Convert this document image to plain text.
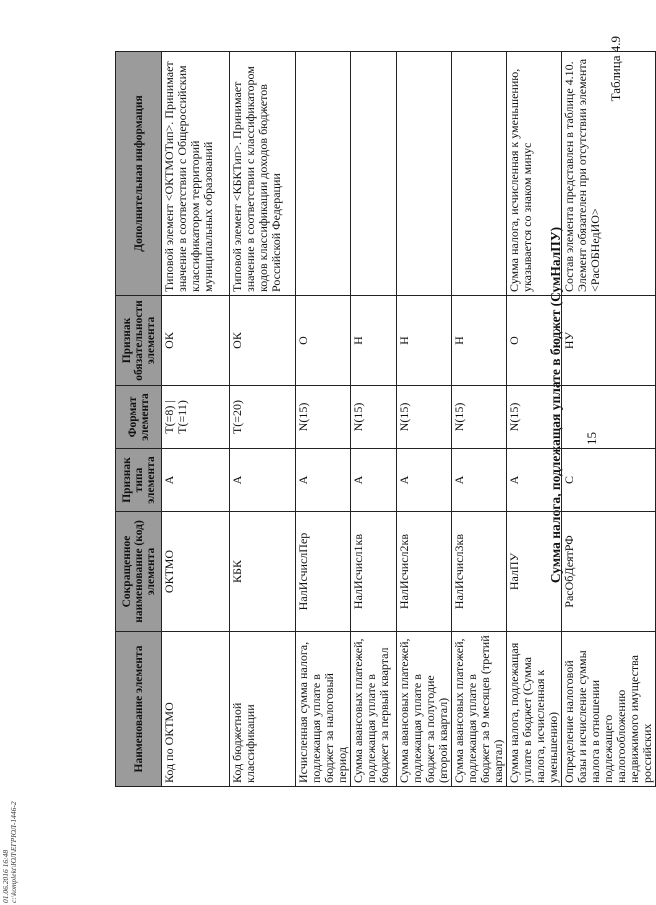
15
Таблица 4.9
Сумма налога, подлежащая уплате в бюджет (СумНалПУ)
Наименование элемента	Сокращенное наименование (код) элемента	Признак типа элемента	Формат элемента	Признак обязательности элемента	Дополнительная информация
Код по ОКТМО	ОКТМО	А	T(=8) | T(=11)	ОК	Типовой элемент <ОКТМОТип>. Принимает значение в соответствии с Общероссийским классификатором территорий муниципальных образований
Код бюджетной классификации	КБК	А	T(=20)	ОК	Типовой элемент <КБКТип>. Принимает значение в соответствии с классификатором кодов классификации доходов бюджетов Российской Федерации
Исчисленная сумма налога, подлежащая уплате в бюджет за налоговый период	НалИсчислПер	А	N(15)	О	
Сумма авансовых платежей, подлежащая уплате в бюджет за первый квартал	НалИсчисл1кв	А	N(15)	Н	
Сумма авансовых платежей, подлежащая уплате в бюджет за полугодие (второй квартал)	НалИсчисл2кв	А	N(15)	Н	
Сумма авансовых платежей, подлежащая уплате в бюджет за 9 месяцев (третий квартал)	НалИсчисл3кв	А	N(15)	Н	
Сумма налога, подлежащая уплате в бюджет (Сумма налога, исчисленная к уменьшению)	НалПУ	А	N(15)	О	Сумма налога, исчисленная к уменьшению, указывается со знаком минус
Определение налоговой базы и исчисление суммы налога в отношении подлежащего налогообложению недвижимого имущества российских	РасОбДеятРФ	С		НУ	Состав элемента представлен в таблице 4.10. Элемент обязателен при отсутствии элемента <РасОБНедИО>
01.06.2016 16:48 c:\komplekt\ЮЛ\ЕГРЮЛ-1446-2
